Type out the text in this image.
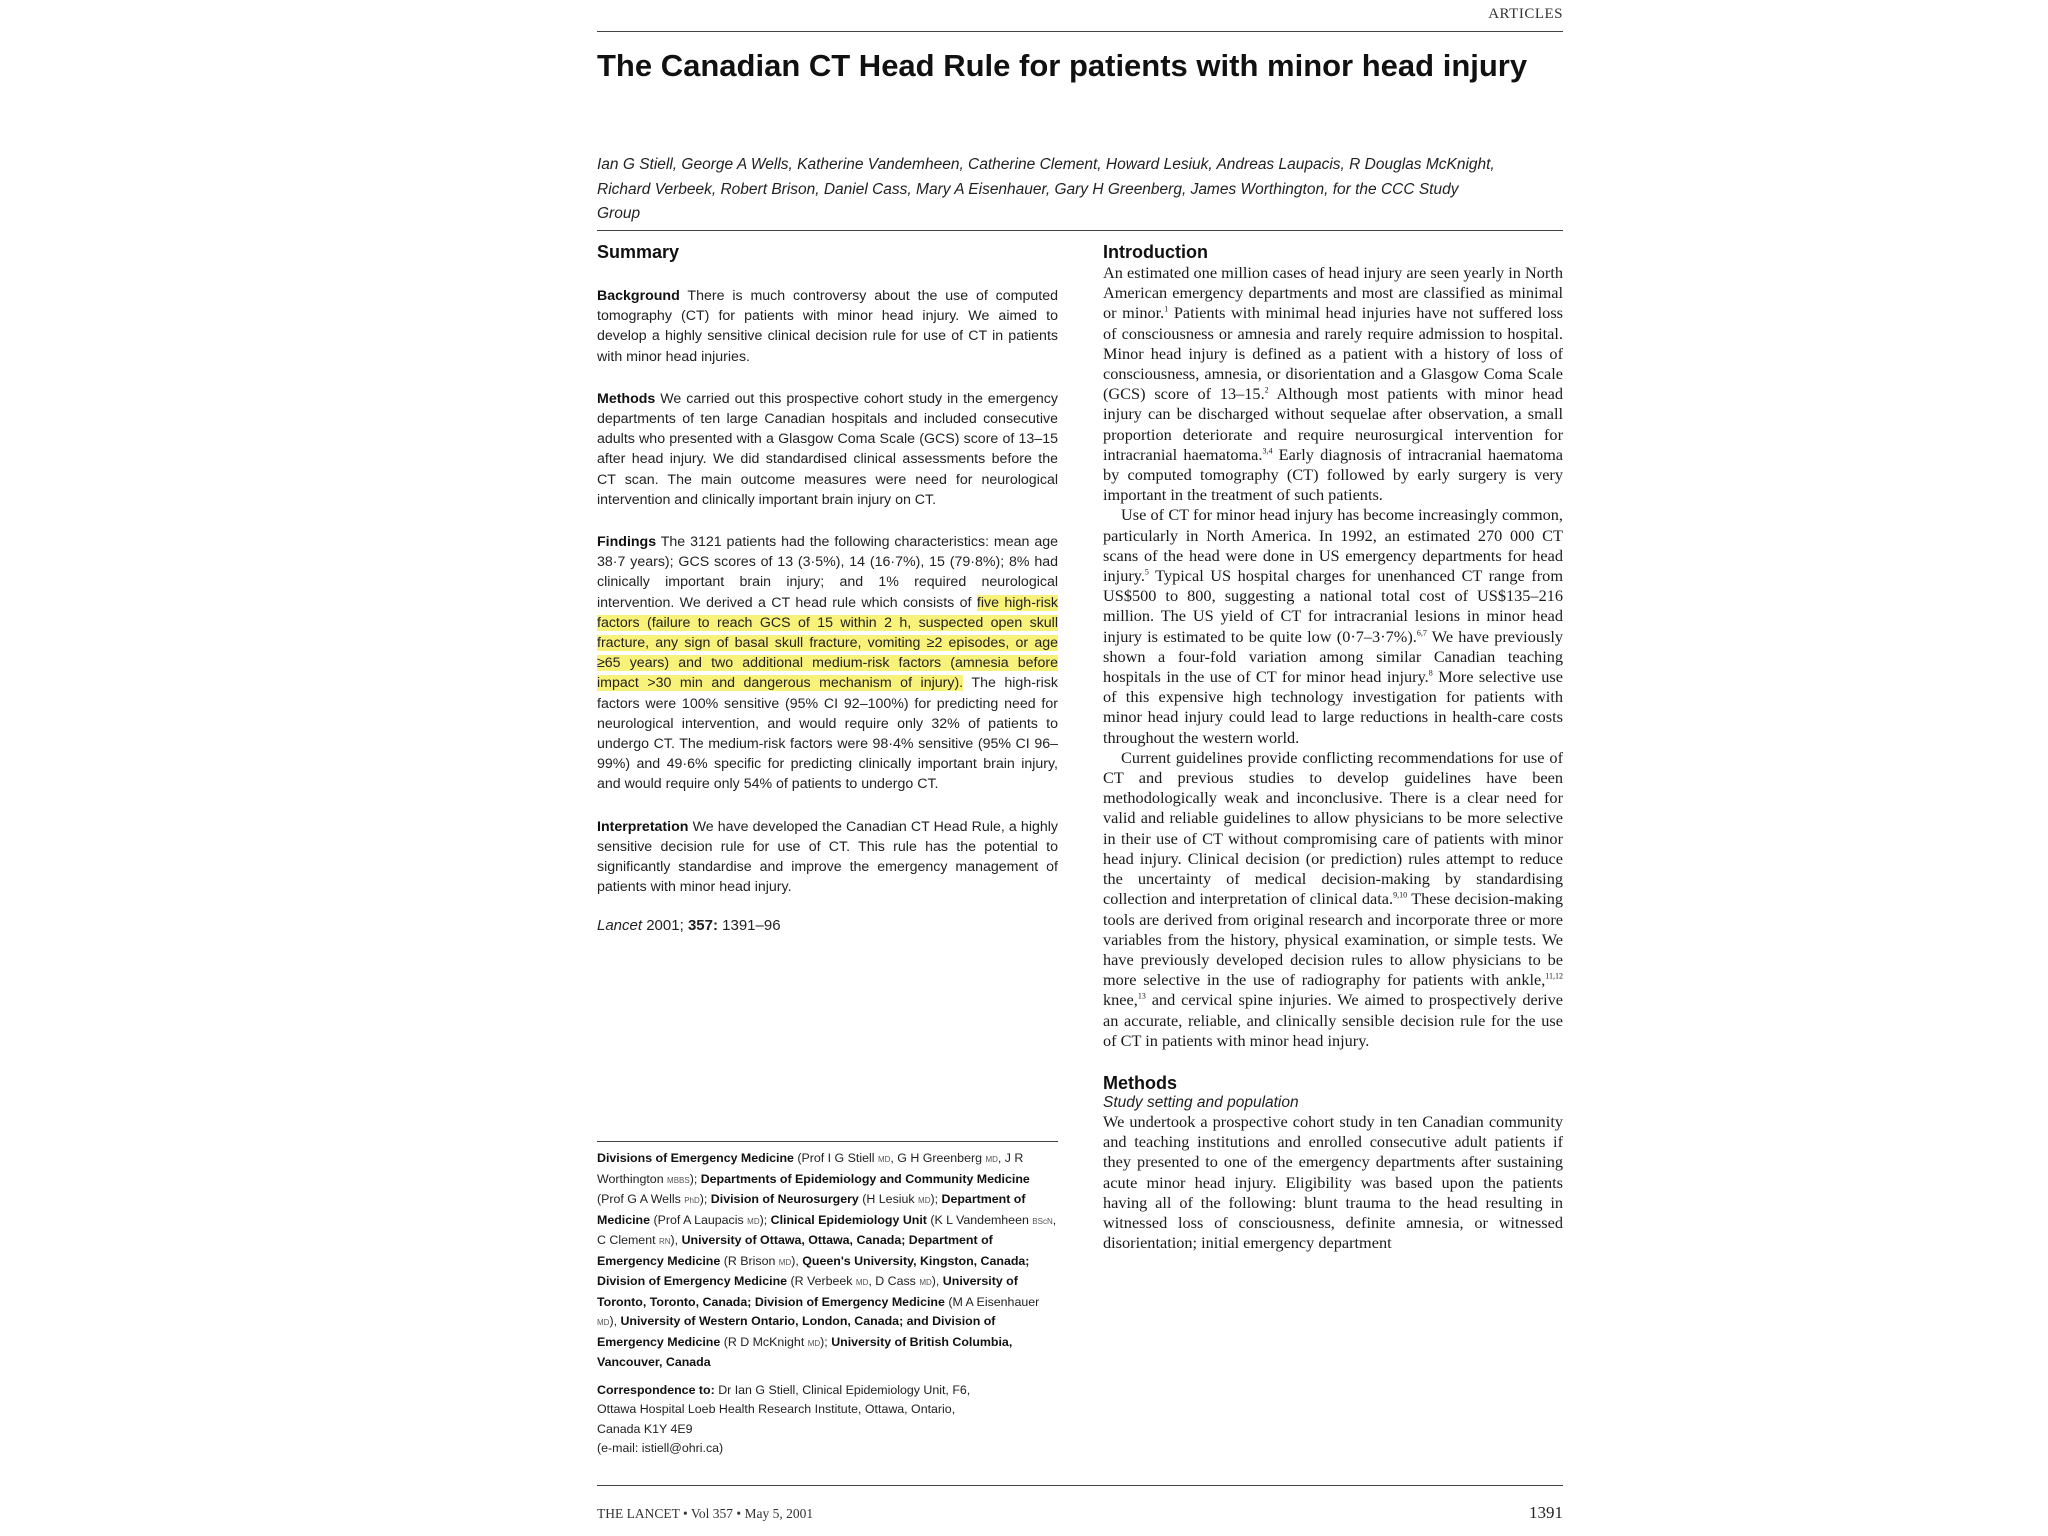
ARTICLES
The Canadian CT Head Rule for patients with minor head injury
Ian G Stiell, George A Wells, Katherine Vandemheen, Catherine Clement, Howard Lesiuk, Andreas Laupacis, R Douglas McKnight, Richard Verbeek, Robert Brison, Daniel Cass, Mary A Eisenhauer, Gary H Greenberg, James Worthington, for the CCC Study Group
Summary

Background There is much controversy about the use of computed tomography (CT) for patients with minor head injury. We aimed to develop a highly sensitive clinical decision rule for use of CT in patients with minor head injuries.

Methods We carried out this prospective cohort study in the emergency departments of ten large Canadian hospitals and included consecutive adults who presented with a Glasgow Coma Scale (GCS) score of 13–15 after head injury. We did standardised clinical assessments before the CT scan. The main outcome measures were need for neurological intervention and clinically important brain injury on CT.

Findings The 3121 patients had the following characteristics: mean age 38·7 years); GCS scores of 13 (3·5%), 14 (16·7%), 15 (79·8%); 8% had clinically important brain injury; and 1% required neurological intervention. We derived a CT head rule which consists of five high-risk factors (failure to reach GCS of 15 within 2 h, suspected open skull fracture, any sign of basal skull fracture, vomiting ≥2 episodes, or age ≥65 years) and two additional medium-risk factors (amnesia before impact >30 min and dangerous mechanism of injury). The high-risk factors were 100% sensitive (95% CI 92–100%) for predicting need for neurological intervention, and would require only 32% of patients to undergo CT. The medium-risk factors were 98·4% sensitive (95% CI 96–99%) and 49·6% specific for predicting clinically important brain injury, and would require only 54% of patients to undergo CT.

Interpretation We have developed the Canadian CT Head Rule, a highly sensitive decision rule for use of CT. This rule has the potential to significantly standardise and improve the emergency management of patients with minor head injury.

Lancet 2001; 357: 1391–96

Divisions of Emergency Medicine (Prof I G Stiell MD, G H Greenberg MD, J R Worthington MBBS); Departments of Epidemiology and Community Medicine (Prof G A Wells PhD); Division of Neurosurgery (H Lesiuk MD); Department of Medicine (Prof A Laupacis MD); Clinical Epidemiology Unit (K L Vandemheen BScN, C Clement RN), University of Ottawa, Ottawa, Canada; Department of Emergency Medicine (R Brison MD), Queen's University, Kingston, Canada; Division of Emergency Medicine (R Verbeek MD, D Cass MD), University of Toronto, Toronto, Canada; Division of Emergency Medicine (M A Eisenhauer MD), University of Western Ontario, London, Canada; and Division of Emergency Medicine (R D McKnight MD); University of British Columbia, Vancouver, Canada
Correspondence to: Dr Ian G Stiell, Clinical Epidemiology Unit, F6,
Ottawa Hospital Loeb Health Research Institute, Ottawa, Ontario,
Canada K1Y 4E9
(e-mail: istiell@ohri.ca)
Introduction

An estimated one million cases of head injury are seen yearly in North American emergency departments and most are classified as minimal or minor.$^1$ Patients with minimal head injuries have not suffered loss of consciousness or amnesia and rarely require admission to hospital. Minor head injury is defined as a patient with a history of loss of consciousness, amnesia, or disorientation and a Glasgow Coma Scale (GCS) score of 13–15.$^2$ Although most patients with minor head injury can be discharged without sequelae after observation, a small proportion deteriorate and require neurosurgical intervention for intracranial haematoma.$^{3,4}$ Early diagnosis of intracranial haematoma by computed tomography (CT) followed by early surgery is very important in the treatment of such patients.

Use of CT for minor head injury has become increasingly common, particularly in North America. In 1992, an estimated 270 000 CT scans of the head were done in US emergency departments for head injury.$^5$ Typical US hospital charges for unenhanced CT range from US$500 to 800, suggesting a national total cost of US$135–216 million. The US yield of CT for intracranial lesions in minor head injury is estimated to be quite low (0·7–3·7%).$^{6,7}$ We have previously shown a four-fold variation among similar Canadian teaching hospitals in the use of CT for minor head injury.$^8$ More selective use of this expensive high technology investigation for patients with minor head injury could lead to large reductions in health-care costs throughout the western world.

Current guidelines provide conflicting recommendations for use of CT and previous studies to develop guidelines have been methodologically weak and inconclusive. There is a clear need for valid and reliable guidelines to allow physicians to be more selective in their use of CT without compromising care of patients with minor head injury. Clinical decision (or prediction) rules attempt to reduce the uncertainty of medical decision-making by standardising collection and interpretation of clinical data.$^{9,10}$ These decision-making tools are derived from original research and incorporate three or more variables from the history, physical examination, or simple tests. We have previously developed decision rules to allow physicians to be more selective in the use of radiography for patients with ankle,$^{11,12}$ knee,$^{13}$ and cervical spine injuries. We aimed to prospectively derive an accurate, reliable, and clinically sensible decision rule for the use of CT in patients with minor head injury.

Methods

Study setting and population

We undertook a prospective cohort study in ten Canadian community and teaching institutions and enrolled consecutive adult patients if they presented to one of the emergency departments after sustaining acute minor head injury. Eligibility was based upon the patients having all of the following: blunt trauma to the head resulting in witnessed loss of consciousness, definite amnesia, or witnessed disorientation; initial emergency department

THE LANCET • Vol 357 • May 5, 2001	1391
